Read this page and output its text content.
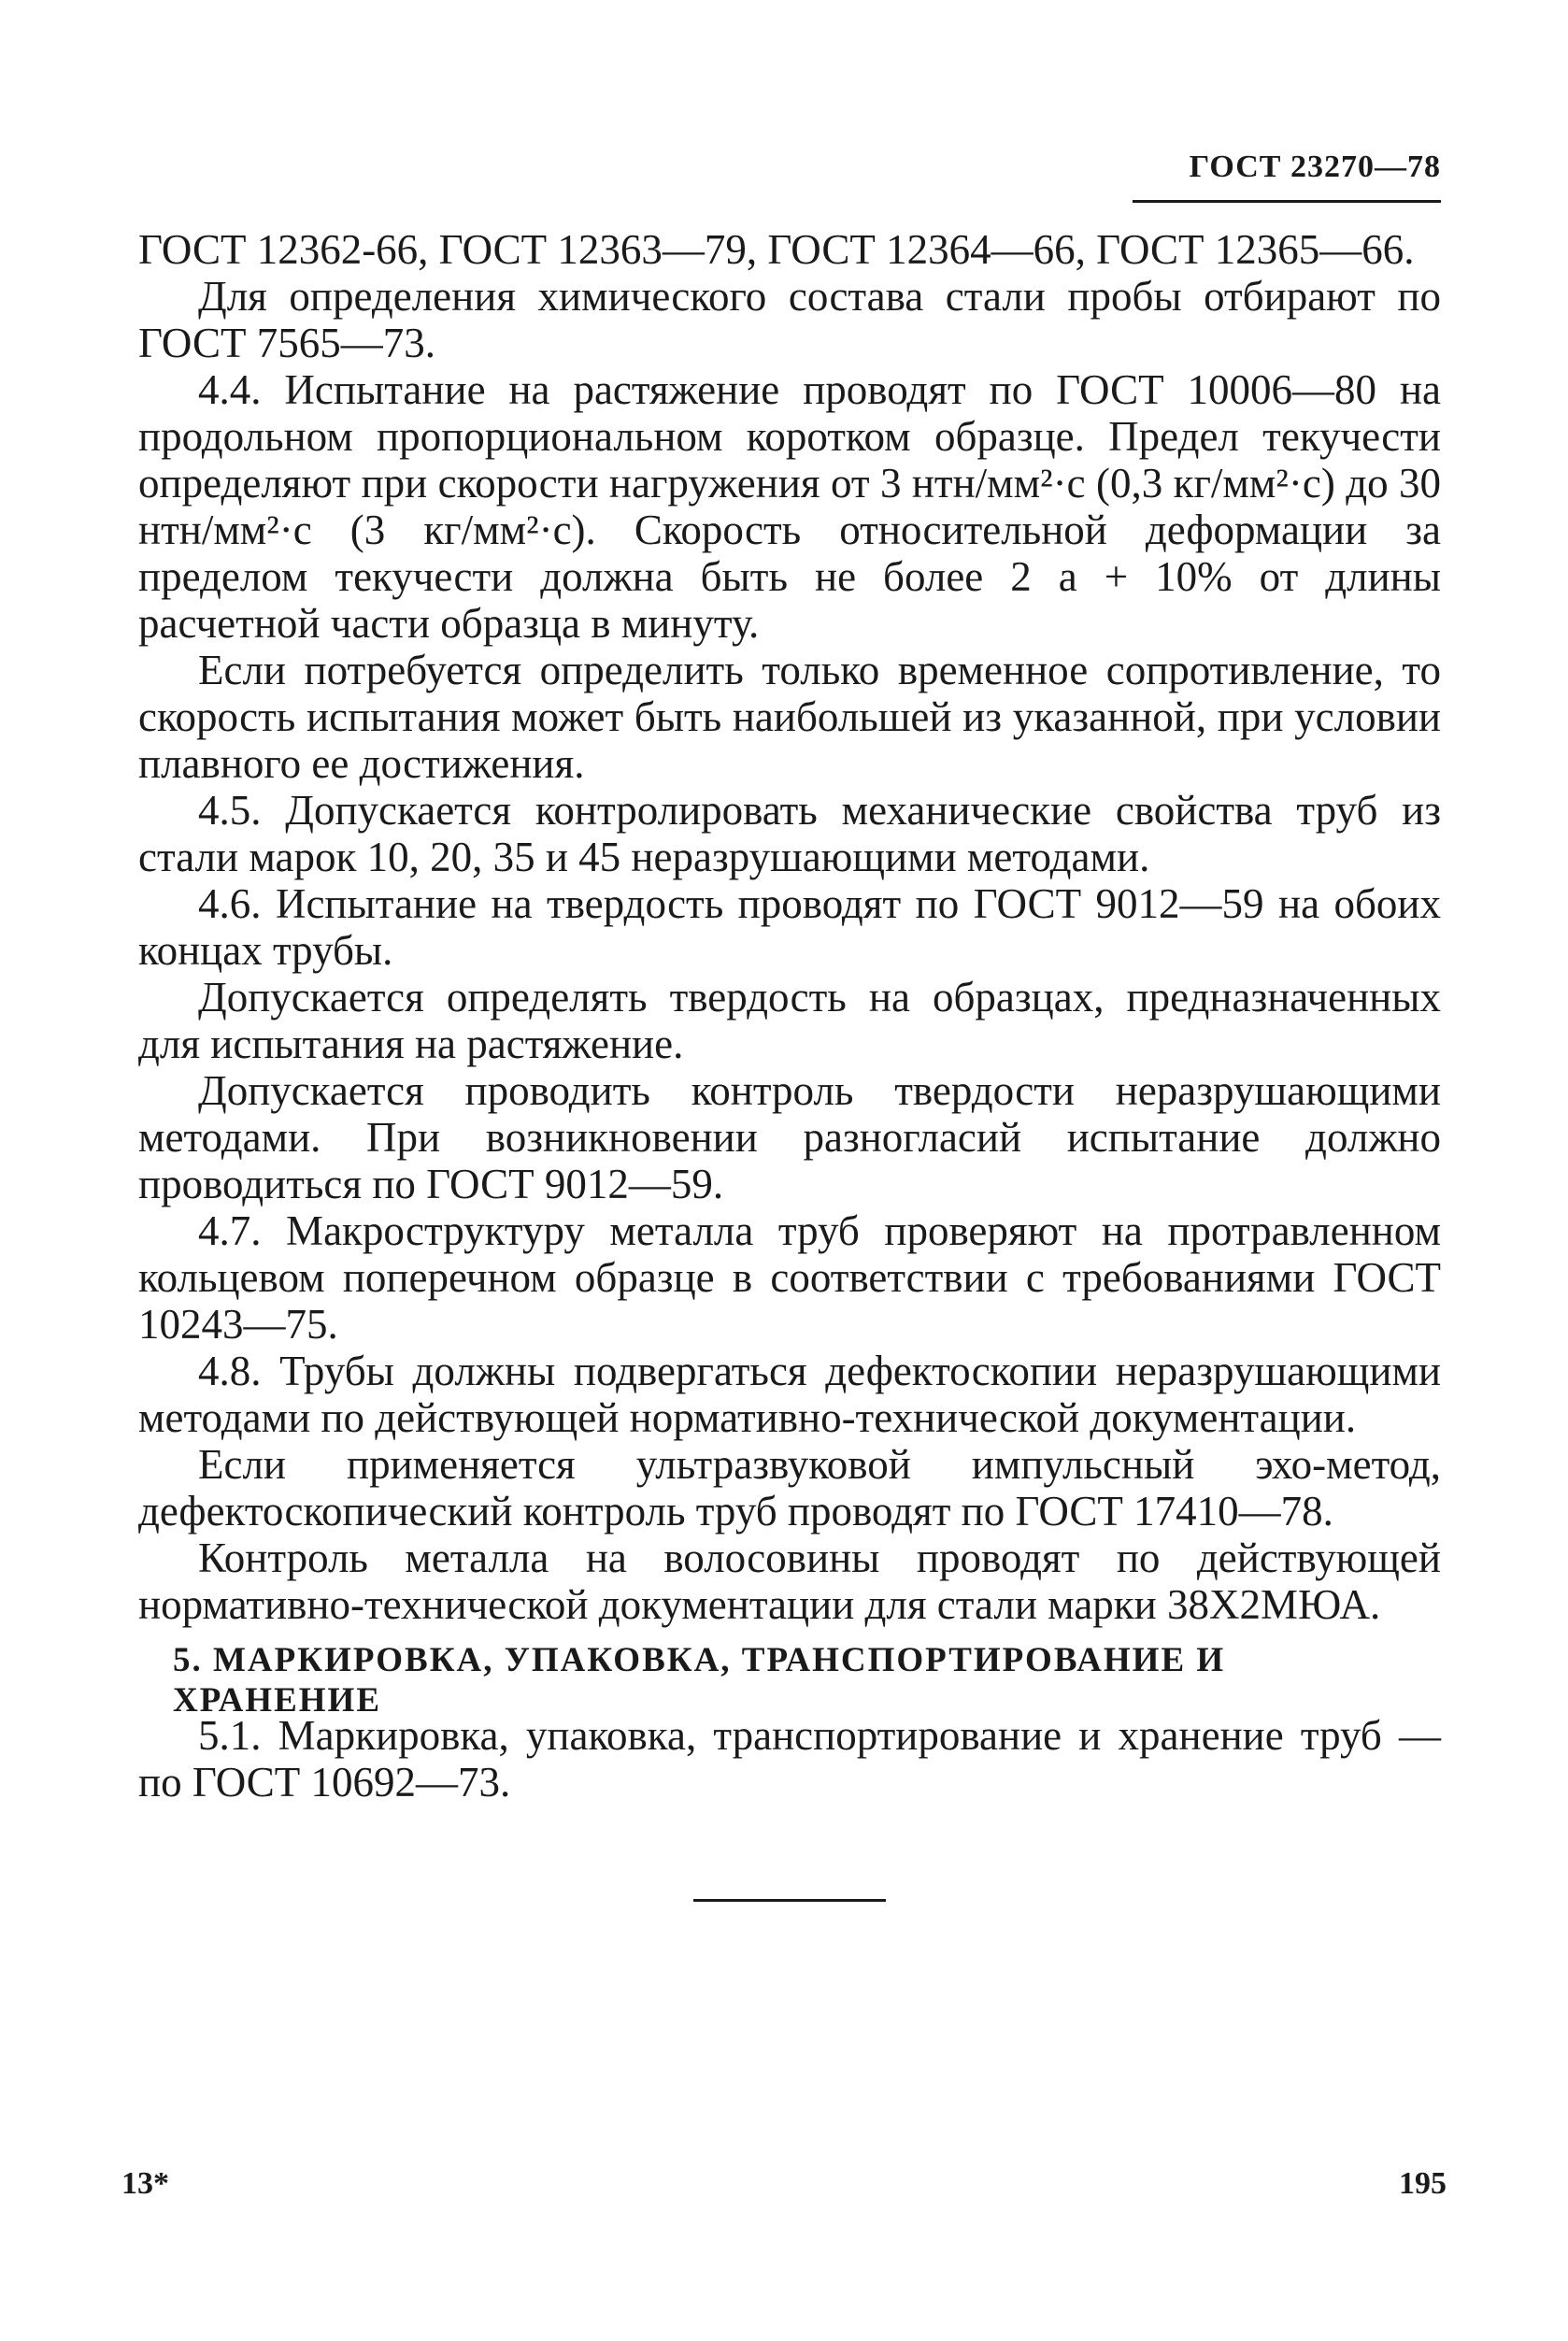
ГОСТ 23270—78

ГОСТ 12362-66, ГОСТ 12363—79, ГОСТ 12364—66, ГОСТ 12365—66.

Для определения химического состава стали пробы отбирают по ГОСТ 7565—73.

4.4. Испытание на растяжение проводят по ГОСТ 10006—80 на продольном пропорциональном коротком образце. Предел текучести определяют при скорости нагружения от 3 нтн/мм²·с (0,3 кг/мм²·с) до 30 нтн/мм²·с (3 кг/мм²·с). Скорость относительной деформации за пределом текучести должна быть не более 2 а + 10% от длины расчетной части образца в минуту.

Если потребуется определить только временное сопротивление, то скорость испытания может быть наибольшей из указанной, при условии плавного ее достижения.

4.5. Допускается контролировать механические свойства труб из стали марок 10, 20, 35 и 45 неразрушающими методами.

4.6. Испытание на твердость проводят по ГОСТ 9012—59 на обоих концах трубы.

Допускается определять твердость на образцах, предназначенных для испытания на растяжение.

Допускается проводить контроль твердости неразрушающими методами. При возникновении разногласий испытание должно проводиться по ГОСТ 9012—59.

4.7. Макроструктуру металла труб проверяют на протравленном кольцевом поперечном образце в соответствии с требованиями ГОСТ 10243—75.

4.8. Трубы должны подвергаться дефектоскопии неразрушающими методами по действующей нормативно-технической документации.

Если применяется ультразвуковой импульсный эхо-метод, дефектоскопический контроль труб проводят по ГОСТ 17410—78.

Контроль металла на волосовины проводят по действующей нормативно-технической документации для стали марки 38Х2МЮА.

5. МАРКИРОВКА, УПАКОВКА, ТРАНСПОРТИРОВАНИЕ И ХРАНЕНИЕ

5.1. Маркировка, упаковка, транспортирование и хранение труб — по ГОСТ 10692—73.

13*	195
